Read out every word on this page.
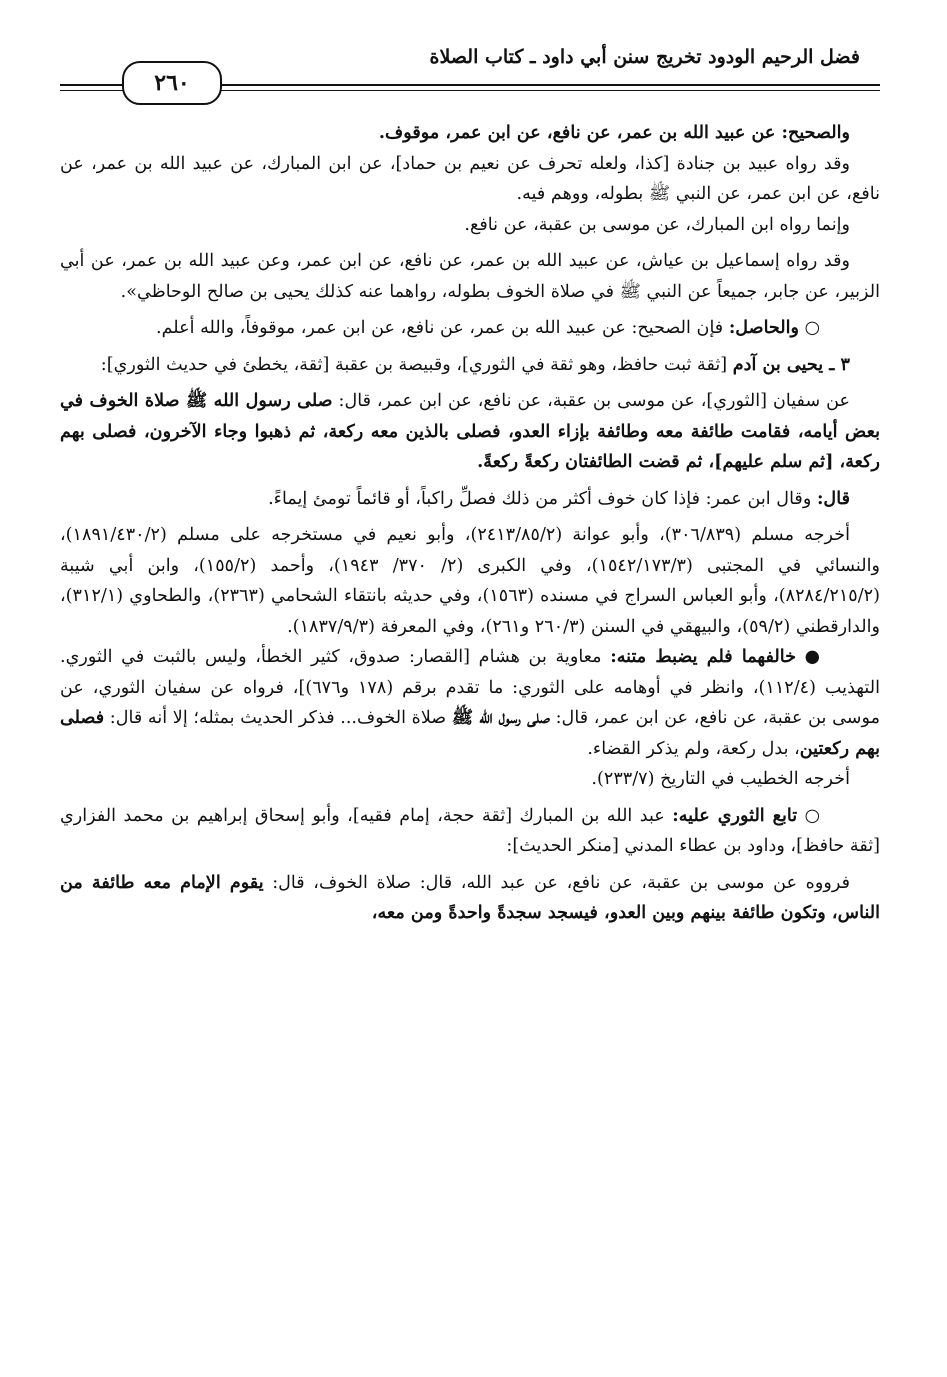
فضل الرحيم الودود تخريج سنن أبي داود ـ كتاب الصلاة
٢٦٠

والصحيح: عن عبيد الله بن عمر، عن نافع، عن ابن عمر، موقوف.

وقد رواه عبيد بن جنادة [كذا، ولعله تحرف عن نعيم بن حماد]، عن ابن المبارك، عن عبيد الله بن عمر، عن نافع، عن ابن عمر، عن النبي ﷺ بطوله، ووهم فيه.

وإنما رواه ابن المبارك، عن موسى بن عقبة، عن نافع.

وقد رواه إسماعيل بن عياش، عن عبيد الله بن عمر، عن نافع، عن ابن عمر، وعن عبيد الله بن عمر، عن أبي الزبير، عن جابر، جميعاً عن النبي ﷺ في صلاة الخوف بطوله، رواهما عنه كذلك يحيى بن صالح الوحاظي».

○ والحاصل: فإن الصحيح: عن عبيد الله بن عمر، عن نافع، عن ابن عمر، موقوفاً، والله أعلم.

٣ ـ يحيى بن آدم [ثقة ثبت حافظ، وهو ثقة في الثوري]، وقبيصة بن عقبة [ثقة، يخطئ في حديث الثوري]:

عن سفيان [الثوري]، عن موسى بن عقبة، عن نافع، عن ابن عمر، قال: صلى رسول الله ﷺ صلاة الخوف في بعض أيامه، فقامت طائفة معه وطائفة بإزاء العدو، فصلى بالذين معه ركعة، ثم ذهبوا وجاء الآخرون، فصلى بهم ركعة، [ثم سلم عليهم]، ثم قضت الطائفتان ركعةً ركعةً.

قال: وقال ابن عمر: فإذا كان خوف أكثر من ذلك فصلِّ راكباً، أو قائماً تومئ إيماءً.

أخرجه مسلم (٣٠٦/٨٣٩)، وأبو عوانة (٢٤١٣/٨٥/٢)، وأبو نعيم في مستخرجه على مسلم (١٨٩١/٤٣٠/٢)، والنسائي في المجتبى (١٥٤٢/١٧٣/٣)، وفي الكبرى (٢/ ٣٧٠/ ١٩٤٣)، وأحمد (١٥٥/٢)، وابن أبي شيبة (٨٢٨٤/٢١٥/٢)، وأبو العباس السراج في مسنده (١٥٦٣)، وفي حديثه بانتقاء الشحامي (٢٣٦٣)، والطحاوي (٣١٢/١)، والدارقطني (٥٩/٢)، والبيهقي في السنن (٢٦٠/٣ و٢٦١)، وفي المعرفة (١٨٣٧/٩/٣).

● خالفهما فلم يضبط متنه: معاوية بن هشام [القصار: صدوق، كثير الخطأ، وليس بالثبت في الثوري. التهذيب (١١٢/٤)، وانظر في أوهامه على الثوري: ما تقدم برقم (١٧٨ و٦٧٦)]، فرواه عن سفيان الثوري، عن موسى بن عقبة، عن نافع، عن ابن عمر، قال: صلى رسول الله ﷺ صلاة الخوف... فذكر الحديث بمثله؛ إلا أنه قال: فصلى بهم ركعتين، بدل ركعة، ولم يذكر القضاء.

أخرجه الخطيب في التاريخ (٢٣٣/٧).

○ تابع الثوري عليه: عبد الله بن المبارك [ثقة حجة، إمام فقيه]، وأبو إسحاق إبراهيم بن محمد الفزاري [ثقة حافظ]، وداود بن عطاء المدني [منكر الحديث]:

فرووه عن موسى بن عقبة، عن نافع، عن عبد الله، قال: صلاة الخوف، قال: يقوم الإمام معه طائفة من الناس، وتكون طائفة بينهم وبين العدو، فيسجد سجدةً واحدةً ومن معه،
